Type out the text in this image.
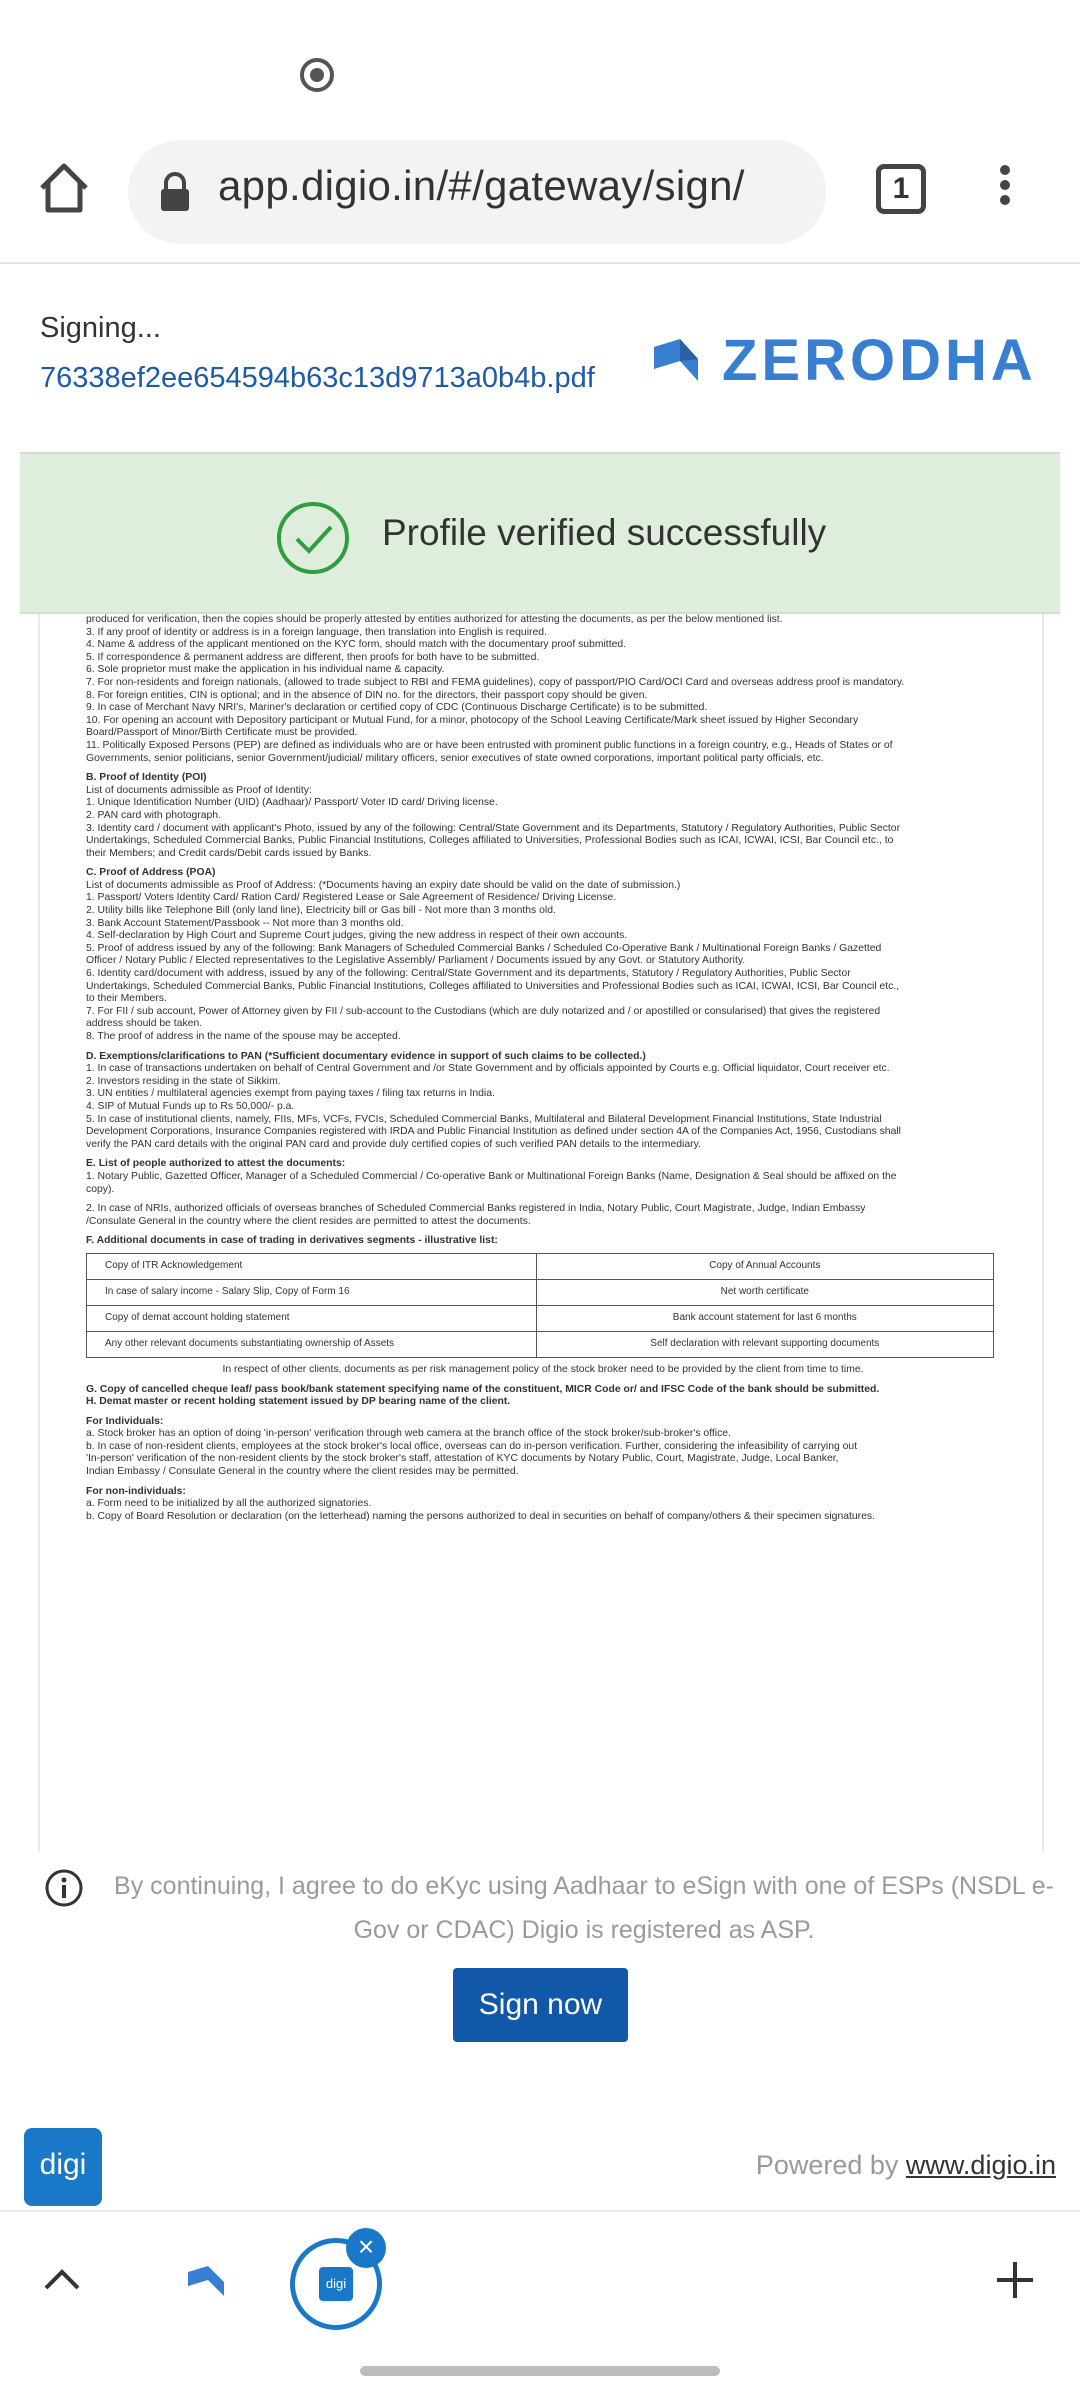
app.digio.in/#/gateway/sign/	1
Signing...
76338ef2ee654594b63c13d9713a0b4b.pdf ZERODHA
Profile verified successfully
produced for verification, then the copies should be properly attested by entities authorized for attesting the documents, as per the below mentioned list.
3. If any proof of identity or address is in a foreign language, then translation into English is required.
4. Name & address of the applicant mentioned on the KYC form, should match with the documentary proof submitted.
5. If correspondence & permanent address are different, then proofs for both have to be submitted.
6. Sole proprietor must make the application in his individual name & capacity.
7. For non-residents and foreign nationals, (allowed to trade subject to RBI and FEMA guidelines), copy of passport/PIO Card/OCI Card and overseas address proof is mandatory.
8. For foreign entities, CIN is optional; and in the absence of DIN no. for the directors, their passport copy should be given.
9. In case of Merchant Navy NRI's, Mariner's declaration or certified copy of CDC (Continuous Discharge Certificate) is to be submitted.
10. For opening an account with Depository participant or Mutual Fund, for a minor, photocopy of the School Leaving Certificate/Mark sheet issued by Higher Secondary
Board/Passport of Minor/Birth Certificate must be provided.
11. Politically Exposed Persons (PEP) are defined as individuals who are or have been entrusted with prominent public functions in a foreign country, e.g., Heads of States or of
Governments, senior politicians, senior Government/judicial/ military officers, senior executives of state owned corporations, important political party officials, etc.
B. Proof of Identity (POI)
List of documents admissible as Proof of Identity:
1. Unique Identification Number (UID) (Aadhaar)/ Passport/ Voter ID card/ Driving license.
2. PAN card with photograph.
3. Identity card / document with applicant's Photo, issued by any of the following: Central/State Government and its Departments, Statutory / Regulatory Authorities, Public Sector
Undertakings, Scheduled Commercial Banks, Public Financial Institutions, Colleges affiliated to Universities, Professional Bodies such as ICAI, ICWAI, ICSI, Bar Council etc., to
their Members; and Credit cards/Debit cards issued by Banks.
C. Proof of Address (POA)
List of documents admissible as Proof of Address: (*Documents having an expiry date should be valid on the date of submission.)
1. Passport/ Voters Identity Card/ Ration Card/ Registered Lease or Sale Agreement of Residence/ Driving License.
2. Utility bills like Telephone Bill (only land line), Electricity bill or Gas bill - Not more than 3 months old.
3. Bank Account Statement/Passbook -- Not more than 3 months old.
4. Self-declaration by High Court and Supreme Court judges, giving the new address in respect of their own accounts.
5. Proof of address issued by any of the following: Bank Managers of Scheduled Commercial Banks / Scheduled Co-Operative Bank / Multinational Foreign Banks / Gazetted
Officer / Notary Public / Elected representatives to the Legislative Assembly/ Parliament / Documents issued by any Govt. or Statutory Authority.
6. Identity card/document with address, issued by any of the following: Central/State Government and its departments, Statutory / Regulatory Authorities, Public Sector
Undertakings, Scheduled Commercial Banks, Public Financial Institutions, Colleges affiliated to Universities and Professional Bodies such as ICAI, ICWAI, ICSI, Bar Council etc.,
to their Members.
7. For FII / sub account, Power of Attorney given by FII / sub-account to the Custodians (which are duly notarized and / or apostilled or consularised) that gives the registered
address should be taken.
8. The proof of address in the name of the spouse may be accepted.
D. Exemptions/clarifications to PAN (*Sufficient documentary evidence in support of such claims to be collected.)
1. In case of transactions undertaken on behalf of Central Government and /or State Government and by officials appointed by Courts e.g. Official liquidator, Court receiver etc.
2. Investors residing in the state of Sikkim.
3. UN entities / multilateral agencies exempt from paying taxes / filing tax returns in India.
4. SIP of Mutual Funds up to Rs 50,000/- p.a.
5. In case of institutional clients, namely, FIIs, MFs, VCFs, FVCIs, Scheduled Commercial Banks, Multilateral and Bilateral Development Financial Institutions, State Industrial
Development Corporations, Insurance Companies registered with IRDA and Public Financial Institution as defined under section 4A of the Companies Act, 1956, Custodians shall
verify the PAN card details with the original PAN card and provide duly certified copies of such verified PAN details to the intermediary.
E. List of people authorized to attest the documents:
1. Notary Public, Gazetted Officer, Manager of a Scheduled Commercial / Co-operative Bank or Multinational Foreign Banks (Name, Designation & Seal should be affixed on the
copy).
2. In case of NRIs, authorized officials of overseas branches of Scheduled Commercial Banks registered in India, Notary Public, Court Magistrate, Judge, Indian Embassy
/Consulate General in the country where the client resides are permitted to attest the documents.
F. Additional documents in case of trading in derivatives segments - illustrative list:
Copy of ITR Acknowledgement	Copy of Annual Accounts
In case of salary income - Salary Slip, Copy of Form 16	Net worth certificate
Copy of demat account holding statement	Bank account statement for last 6 months
Any other relevant documents substantiating ownership of Assets	Self declaration with relevant supporting documents
In respect of other clients, documents as per risk management policy of the stock broker need to be provided by the client from time to time.
G. Copy of cancelled cheque leaf/ pass book/bank statement specifying name of the constituent, MICR Code or/ and IFSC Code of the bank should be submitted.
H. Demat master or recent holding statement issued by DP bearing name of the client.
For Individuals:
a. Stock broker has an option of doing 'in-person' verification through web camera at the branch office of the stock broker/sub-broker's office.
b. In case of non-resident clients, employees at the stock broker's local office, overseas can do in-person verification. Further, considering the infeasibility of carrying out
'In-person' verification of the non-resident clients by the stock broker's staff, attestation of KYC documents by Notary Public, Court, Magistrate, Judge, Local Banker,
Indian Embassy / Consulate General in the country where the client resides may be permitted.
For non-individuals:
a. Form need to be initialized by all the authorized signatories.
b. Copy of Board Resolution or declaration (on the letterhead) naming the persons authorized to deal in securities on behalf of company/others & their specimen signatures.
By continuing, I agree to do eKyc using Aadhaar to eSign with one of ESPs (NSDL e-Gov or CDAC) Digio is registered as ASP.
Sign now
digi	Powered by www.digio.in
digi
×
